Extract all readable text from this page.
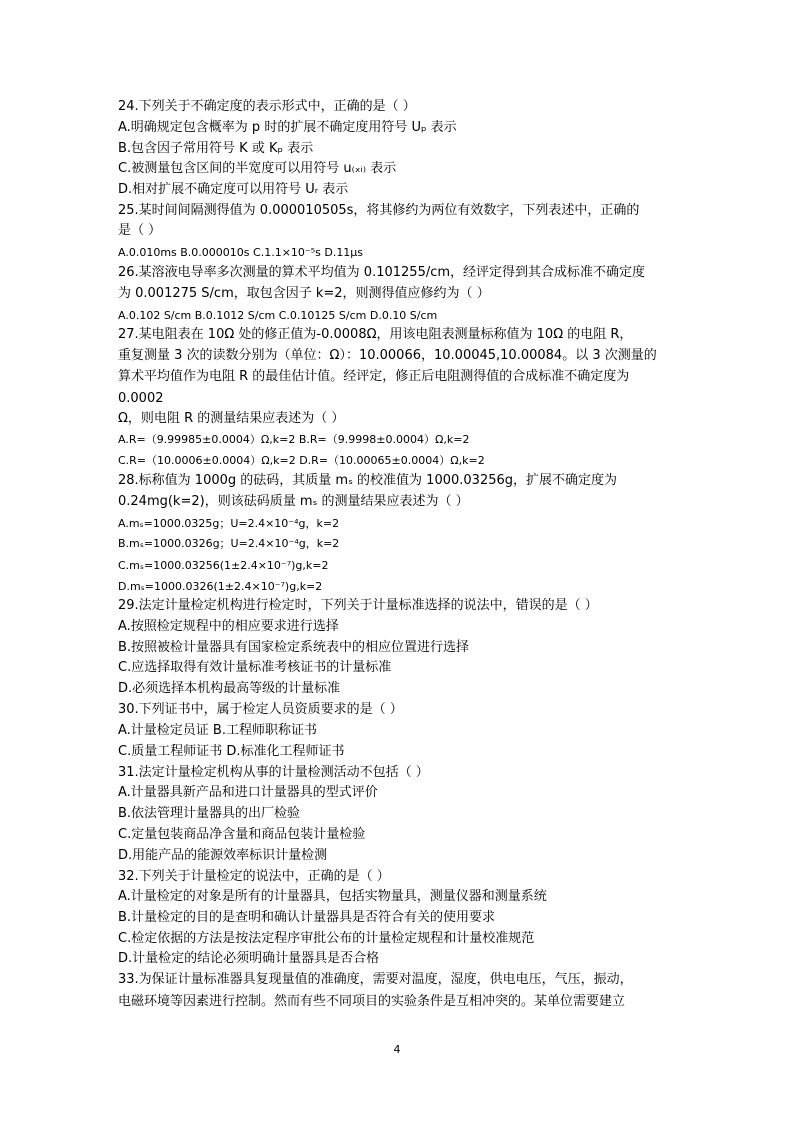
24.下列关于不确定度的表示形式中，正确的是（ ）
A.明确规定包含概率为 p 时的扩展不确定度用符号 Uₚ 表示
B.包含因子常用符号 K 或 Kₚ 表示
C.被测量包含区间的半宽度可以用符号 u₍ₓᵢ₎ 表示
D.相对扩展不确定度可以用符号 Uᵣ 表示
25.某时间间隔测得值为 0.000010505s，将其修约为两位有效数字，下列表述中，正确的
是（ ）
A.0.010ms B.0.000010s C.1.1×10⁻⁵s D.11μs
26.某溶液电导率多次测量的算术平均值为 0.101255/cm，经评定得到其合成标准不确定度
为 0.001275 S/cm，取包含因子 k=2，则测得值应修约为（ ）
A.0.102 S/cm B.0.1012 S/cm C.0.10125 S/cm D.0.10 S/cm
27.某电阻表在 10Ω 处的修正值为-0.0008Ω，用该电阻表测量标称值为 10Ω 的电阻 R，
重复测量 3 次的读数分别为（单位：Ω）：10.00066，10.00045,10.00084。以 3 次测量的
算术平均值作为电阻 R 的最佳估计值。经评定，修正后电阻测得值的合成标准不确定度为
0.0002
Ω，则电阻 R 的测量结果应表述为（ ）
A.R=（9.99985±0.0004）Ω,k=2 B.R=（9.9998±0.0004）Ω,k=2
C.R=（10.0006±0.0004）Ω,k=2 D.R=（10.00065±0.0004）Ω,k=2
28.标称值为 1000g 的砝码，其质量 mₛ 的校准值为 1000.03256g，扩展不确定度为
0.24mg(k=2)，则该砝码质量 mₛ 的测量结果应表述为（ ）
A.mₛ=1000.0325g；U=2.4×10⁻⁴g，k=2
B.mₛ=1000.0326g；U=2.4×10⁻⁴g，k=2
C.mₛ=1000.03256(1±2.4×10⁻⁷)g,k=2
D.mₛ=1000.0326(1±2.4×10⁻⁷)g,k=2
29.法定计量检定机构进行检定时，下列关于计量标准选择的说法中，错误的是（ ）
A.按照检定规程中的相应要求进行选择
B.按照被检计量器具有国家检定系统表中的相应位置进行选择
C.应选择取得有效计量标准考核证书的计量标准
D.必须选择本机构最高等级的计量标准
30.下列证书中，属于检定人员资质要求的是（ ）
A.计量检定员证 B.工程师职称证书
C.质量工程师证书 D.标准化工程师证书
31.法定计量检定机构从事的计量检测活动不包括（ ）
A.计量器具新产品和进口计量器具的型式评价
B.依法管理计量器具的出厂检验
C.定量包装商品净含量和商品包装计量检验
D.用能产品的能源效率标识计量检测
32.下列关于计量检定的说法中，正确的是（ ）
A.计量检定的对象是所有的计量器具，包括实物量具，测量仪器和测量系统
B.计量检定的目的是查明和确认计量器具是否符合有关的使用要求
C.检定依据的方法是按法定程序审批公布的计量检定规程和计量校准规范
D.计量检定的结论必须明确计量器具是否合格
33.为保证计量标准器具复现量值的准确度，需要对温度，湿度，供电电压，气压，振动，
电磁环境等因素进行控制。然而有些不同项目的实验条件是互相冲突的。某单位需要建立
4
